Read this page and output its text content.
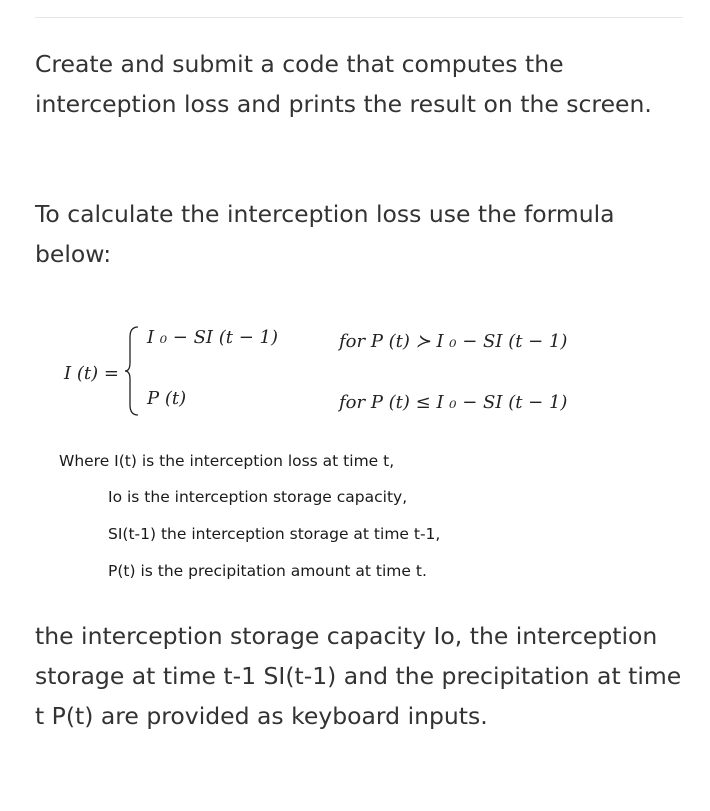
Create and submit a code that computes the interception loss and prints the result on the screen.

To calculate the interception loss use the formula below:

I (t) =
I ₀ − SI (t − 1)	for P (t) ≻ I ₀ − SI (t − 1)
P (t)	for P (t) ≤ I ₀ − SI (t − 1)

Where I(t) is the interception loss at time t,

Io is the interception storage capacity,

SI(t-1) the interception storage at time t-1,

P(t) is the precipitation amount at time t.

the interception storage capacity Io, the interception storage at time t-1 SI(t-1) and the precipitation at time t P(t) are provided as keyboard inputs.
